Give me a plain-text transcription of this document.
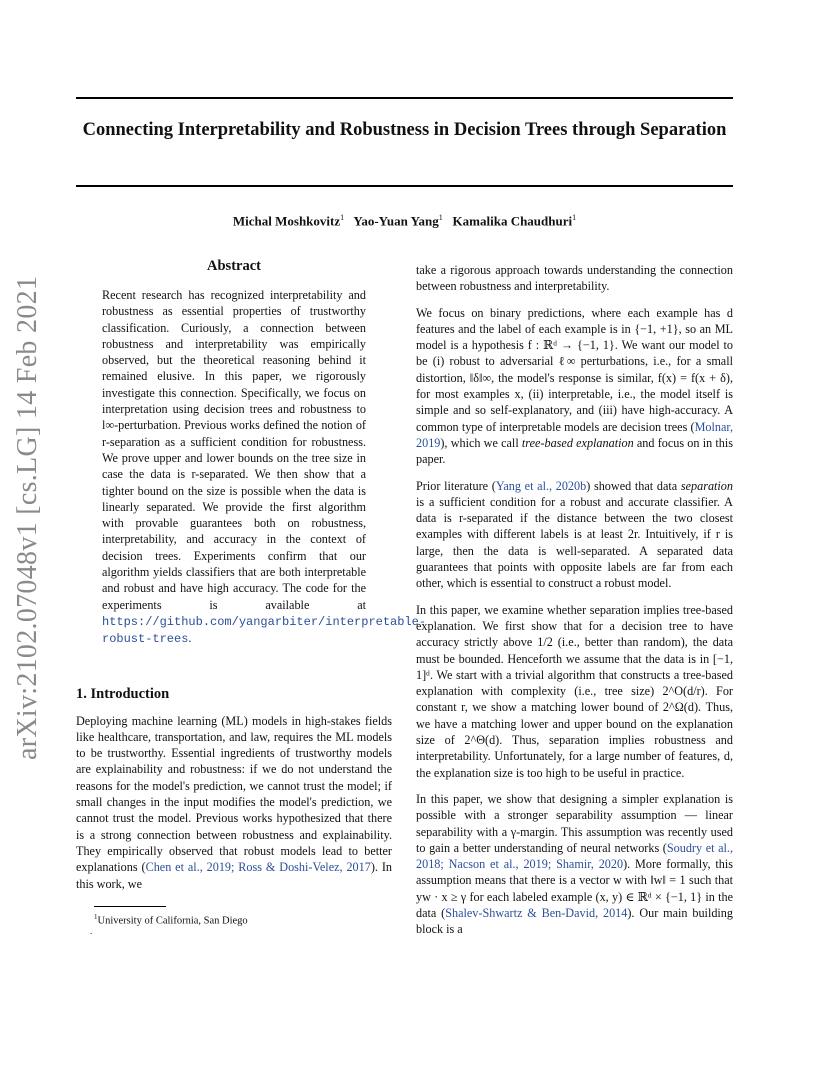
Connecting Interpretability and Robustness in Decision Trees through Separation
Michal Moshkovitz$^1$ Yao-Yuan Yang$^1$ Kamalika Chaudhuri$^1$
arXiv:2102.07048v1 [cs.LG] 14 Feb 2021
Abstract
Recent research has recognized interpretability and robustness as essential properties of trustworthy classification. Curiously, a connection between robustness and interpretability was empirically observed, but the theoretical reasoning behind it remained elusive. In this paper, we rigorously investigate this connection. Specifically, we focus on interpretation using decision trees and robustness to l∞-perturbation. Previous works defined the notion of r-separation as a sufficient condition for robustness. We prove upper and lower bounds on the tree size in case the data is r-separated. We then show that a tighter bound on the size is possible when the data is linearly separated. We provide the first algorithm with provable guarantees both on robustness, interpretability, and accuracy in the context of decision trees. Experiments confirm that our algorithm yields classifiers that are both interpretable and robust and have high accuracy. The code for the experiments is available at https://github.com/yangarbiter/interpretable-robust-trees.
1. Introduction
Deploying machine learning (ML) models in high-stakes fields like healthcare, transportation, and law, requires the ML models to be trustworthy. Essential ingredients of trustworthy models are explainability and robustness: if we do not understand the reasons for the model's prediction, we cannot trust the model; if small changes in the input modifies the model's prediction, we cannot trust the model. Previous works hypothesized that there is a strong connection between robustness and explainability. They empirically observed that robust models lead to better explanations (Chen et al., 2019; Ross & Doshi-Velez, 2017). In this work, we
$^1$University of California, San Diego
.
take a rigorous approach towards understanding the connection between robustness and interpretability.
We focus on binary predictions, where each example has d features and the label of each example is in {−1, +1}, so an ML model is a hypothesis f : ℝᵈ → {−1, 1}. We want our model to be (i) robust to adversarial ℓ∞ perturbations, i.e., for a small distortion, ‖δ‖∞, the model's response is similar, f(x) = f(x + δ), for most examples x, (ii) interpretable, i.e., the model itself is simple and so self-explanatory, and (iii) have high-accuracy. A common type of interpretable models are decision trees (Molnar, 2019), which we call tree-based explanation and focus on in this paper.
Prior literature (Yang et al., 2020b) showed that data separation is a sufficient condition for a robust and accurate classifier. A data is r-separated if the distance between the two closest examples with different labels is at least 2r. Intuitively, if r is large, then the data is well-separated. A separated data guarantees that points with opposite labels are far from each other, which is essential to construct a robust model.
In this paper, we examine whether separation implies tree-based explanation. We first show that for a decision tree to have accuracy strictly above 1/2 (i.e., better than random), the data must be bounded. Henceforth we assume that the data is in [−1, 1]ᵈ. We start with a trivial algorithm that constructs a tree-based explanation with complexity (i.e., tree size) 2^O(d/r). For constant r, we show a matching lower bound of 2^Ω(d). Thus, we have a matching lower and upper bound on the explanation size of 2^Θ(d). Thus, separation implies robustness and interpretability. Unfortunately, for a large number of features, d, the explanation size is too high to be useful in practice.
In this paper, we show that designing a simpler explanation is possible with a stronger separability assumption — linear separability with a γ-margin. This assumption was recently used to gain a better understanding of neural networks (Soudry et al., 2018; Nacson et al., 2019; Shamir, 2020). More formally, this assumption means that there is a vector w with ‖w‖ = 1 such that yw · x ≥ γ for each labeled example (x, y) ∈ ℝᵈ × {−1, 1} in the data (Shalev-Shwartz & Ben-David, 2014). Our main building block is a
